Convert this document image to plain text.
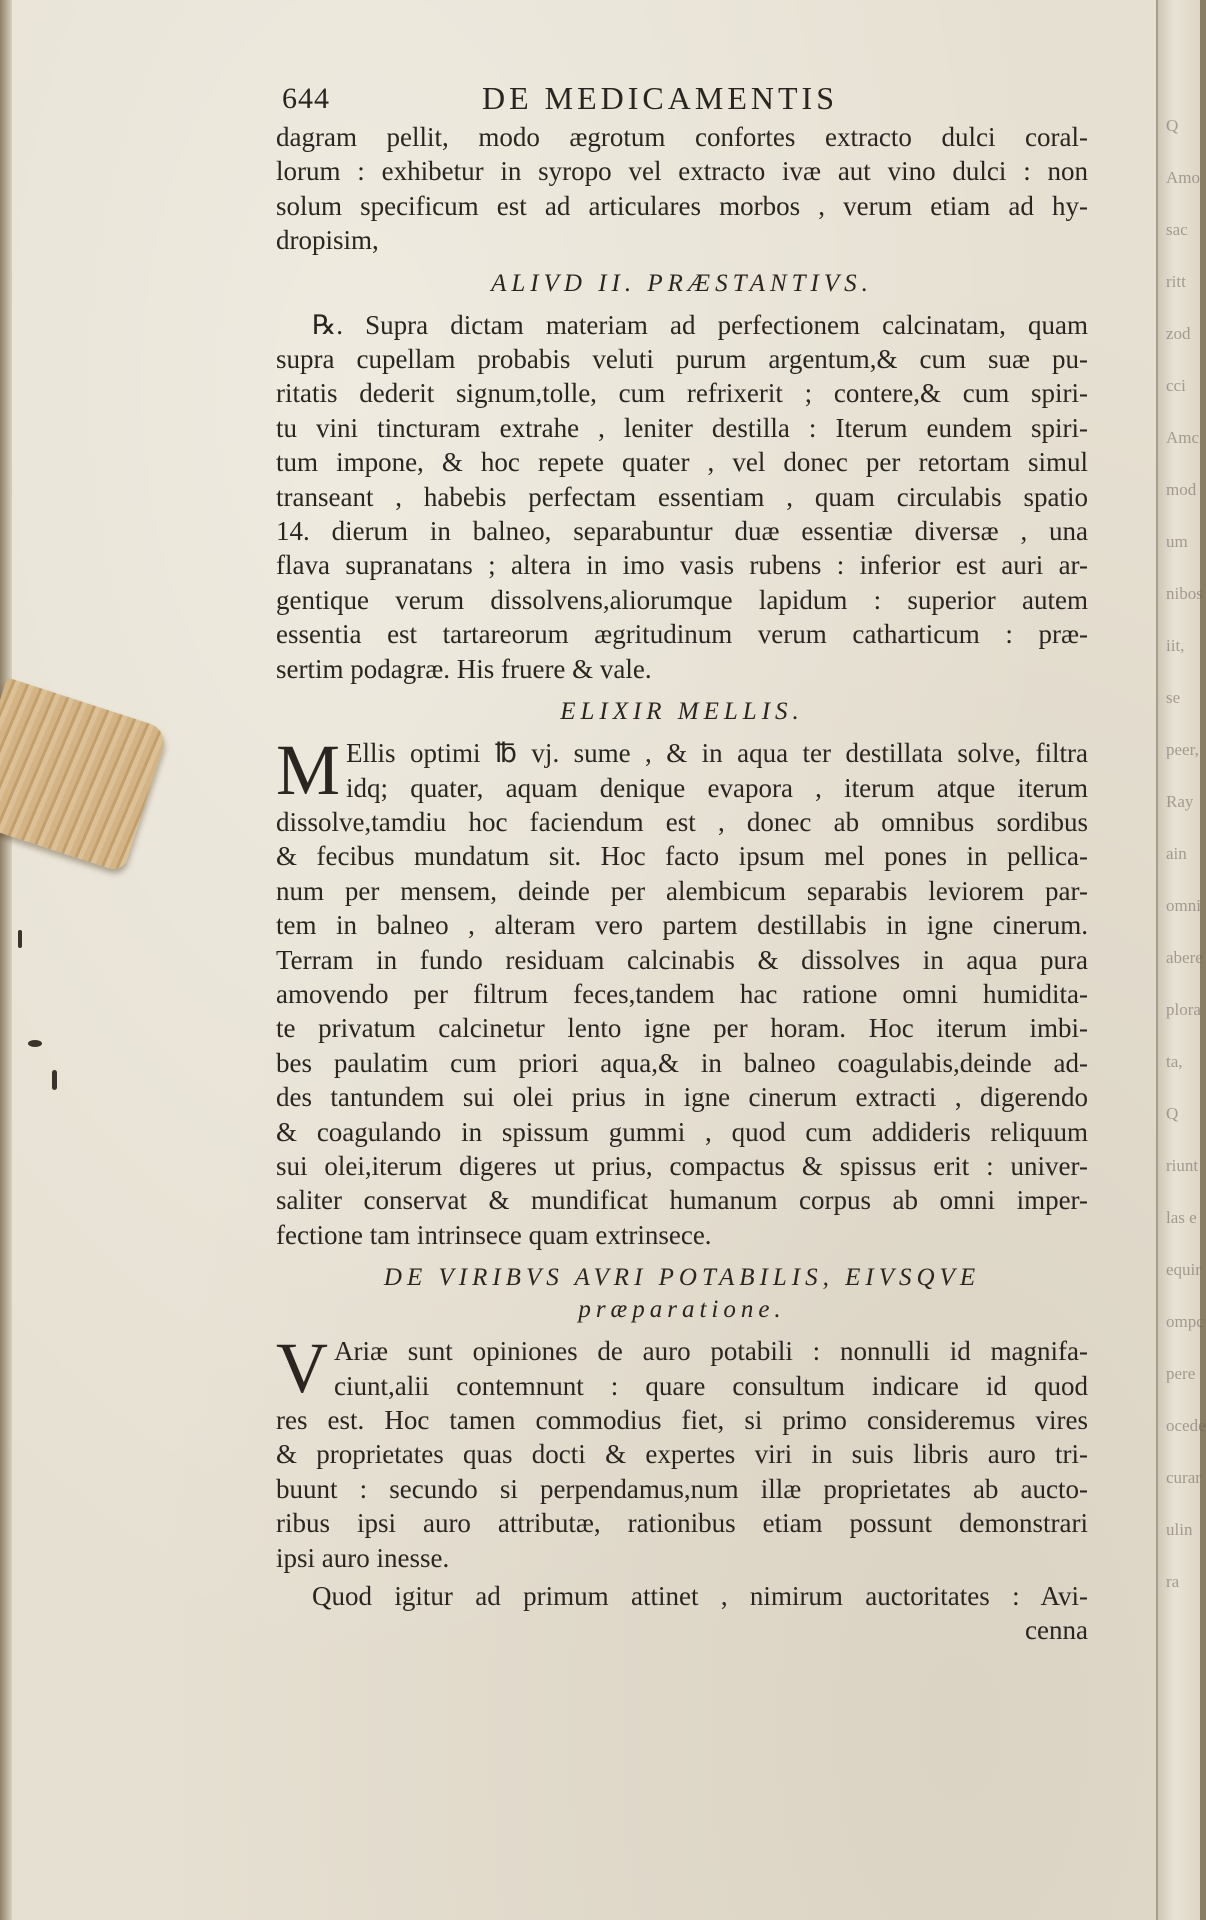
Q
Amo
sac
ritt
zod
cci
Amc
mod
um
nibos
iit,
se
peer,
Ray
ain
omni
abere
plora
ta,
Q
riunt
las e
equir
ompc
pere
ocede
curar
ulin
ra
644	DE MEDICAMENTIS
dagram pellit, modo ægrotum confortes extracto dulci coral-
lorum : exhibetur in syropo vel extracto ivæ aut vino dulci : non
solum specificum est ad articulares morbos , verum etiam ad hy-
dropisim,
ALIVD II. PRÆSTANTIVS.
℞. Supra dictam materiam ad perfectionem calcinatam, quam
supra cupellam probabis veluti purum argentum,& cum suæ pu-
ritatis dederit signum,tolle, cum refrixerit ; contere,& cum spiri-
tu vini tincturam extrahe , leniter destilla : Iterum eundem spiri-
tum impone, & hoc repete quater , vel donec per retortam simul
transeant , habebis perfectam essentiam , quam circulabis spatio
14. dierum in balneo, separabuntur duæ essentiæ diversæ , una
flava supranatans ; altera in imo vasis rubens : inferior est auri ar-
gentique verum dissolvens,aliorumque lapidum : superior autem
essentia est tartareorum ægritudinum verum catharticum : præ-
sertim podagræ. His fruere & vale.
ELIXIR MELLIS.
M Ellis optimi ℔ vj. sume , & in aqua ter destillata solve, filtra
idq; quater, aquam denique evapora , iterum atque iterum
dissolve,tamdiu hoc faciendum est , donec ab omnibus sordibus
& fecibus mundatum sit. Hoc facto ipsum mel pones in pellica-
num per mensem, deinde per alembicum separabis leviorem par-
tem in balneo , alteram vero partem destillabis in igne cinerum.
Terram in fundo residuam calcinabis & dissolves in aqua pura
amovendo per filtrum feces,tandem hac ratione omni humidita-
te privatum calcinetur lento igne per horam. Hoc iterum imbi-
bes paulatim cum priori aqua,& in balneo coagulabis,deinde ad-
des tantundem sui olei prius in igne cinerum extracti , digerendo
& coagulando in spissum gummi , quod cum addideris reliquum
sui olei,iterum digeres ut prius, compactus & spissus erit : univer-
saliter conservat & mundificat humanum corpus ab omni imper-
fectione tam intrinsece quam extrinsece.
DE VIRIBVS AVRI POTABILIS, EIVSQVE
præparatione.
V Ariæ sunt opiniones de auro potabili : nonnulli id magnifa-
ciunt,alii contemnunt : quare consultum indicare id quod
res est. Hoc tamen commodius fiet, si primo consideremus vires
& proprietates quas docti & expertes viri in suis libris auro tri-
buunt : secundo si perpendamus,num illæ proprietates ab aucto-
ribus ipsi auro attributæ, rationibus etiam possunt demonstrari
ipsi auro inesse.
Quod igitur ad primum attinet , nimirum auctoritates : Avi-
cenna
